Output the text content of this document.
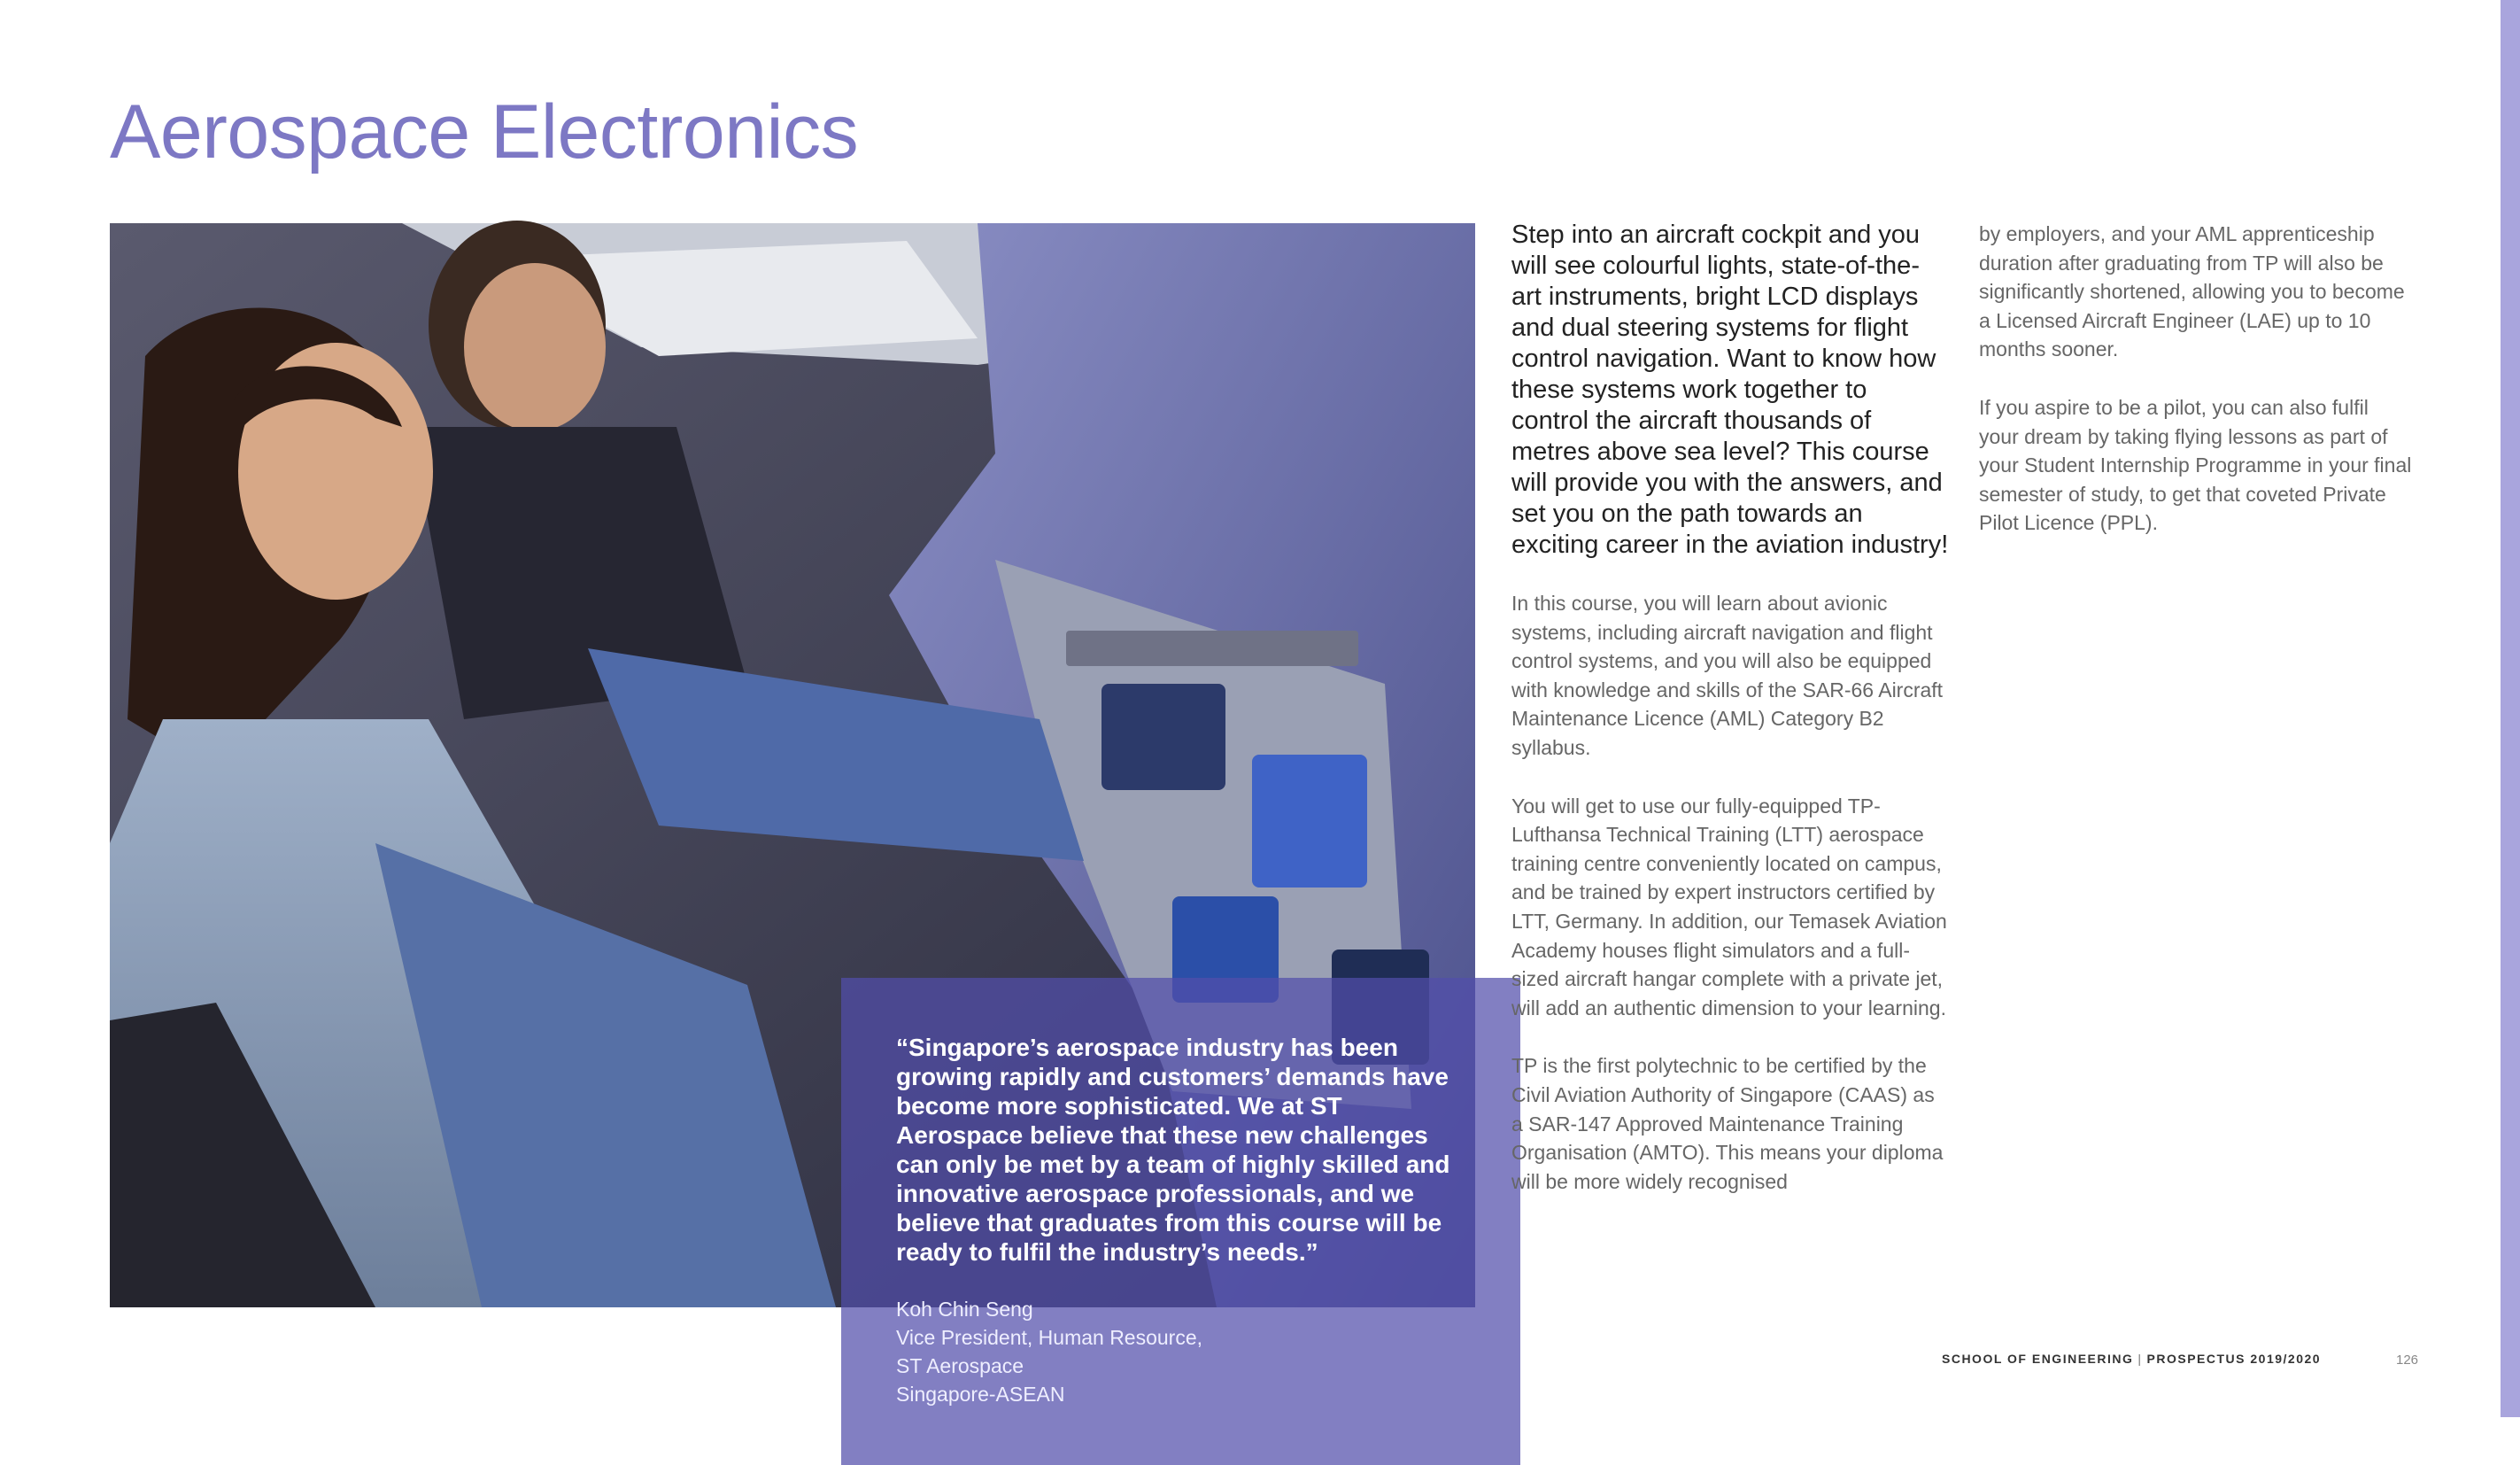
Aerospace Electronics

“Singapore’s aerospace industry has been growing rapidly and customers’ demands have become more sophisticated. We at ST Aerospace believe that these new challenges can only be met by a team of highly skilled and innovative aerospace professionals, and we believe that graduates from this course will be ready to fulfil the industry’s needs.”

Koh Chin Seng
Vice President, Human Resource,
ST Aerospace
Singapore-ASEAN

Step into an aircraft cockpit and you will see colourful lights, state-of-the-art instruments, bright LCD displays and dual steering systems for flight control navigation. Want to know how these systems work together to control the aircraft thousands of metres above sea level? This course will provide you with the answers, and set you on the path towards an exciting career in the aviation industry!

In this course, you will learn about avionic systems, including aircraft navigation and flight control systems, and you will also be equipped with knowledge and skills of the SAR-66 Aircraft Maintenance Licence (AML) Category B2 syllabus.

You will get to use our fully-equipped TP-Lufthansa Technical Training (LTT) aerospace training centre conveniently located on campus, and be trained by expert instructors certified by LTT, Germany. In addition, our Temasek Aviation Academy houses flight simulators and a full-sized aircraft hangar complete with a private jet, will add an authentic dimension to your learning.

TP is the first polytechnic to be certified by the Civil Aviation Authority of Singapore (CAAS) as a SAR-147 Approved Maintenance Training Organisation (AMTO). This means your diploma will be more widely recognised

by employers, and your AML apprenticeship duration after graduating from TP will also be significantly shortened, allowing you to become a Licensed Aircraft Engineer (LAE) up to 10 months sooner.

If you aspire to be a pilot, you can also fulfil your dream by taking flying lessons as part of your Student Internship Programme in your final semester of study, to get that coveted Private Pilot Licence (PPL).

SCHOOL OF ENGINEERING | PROSPECTUS 2019/2020	126
